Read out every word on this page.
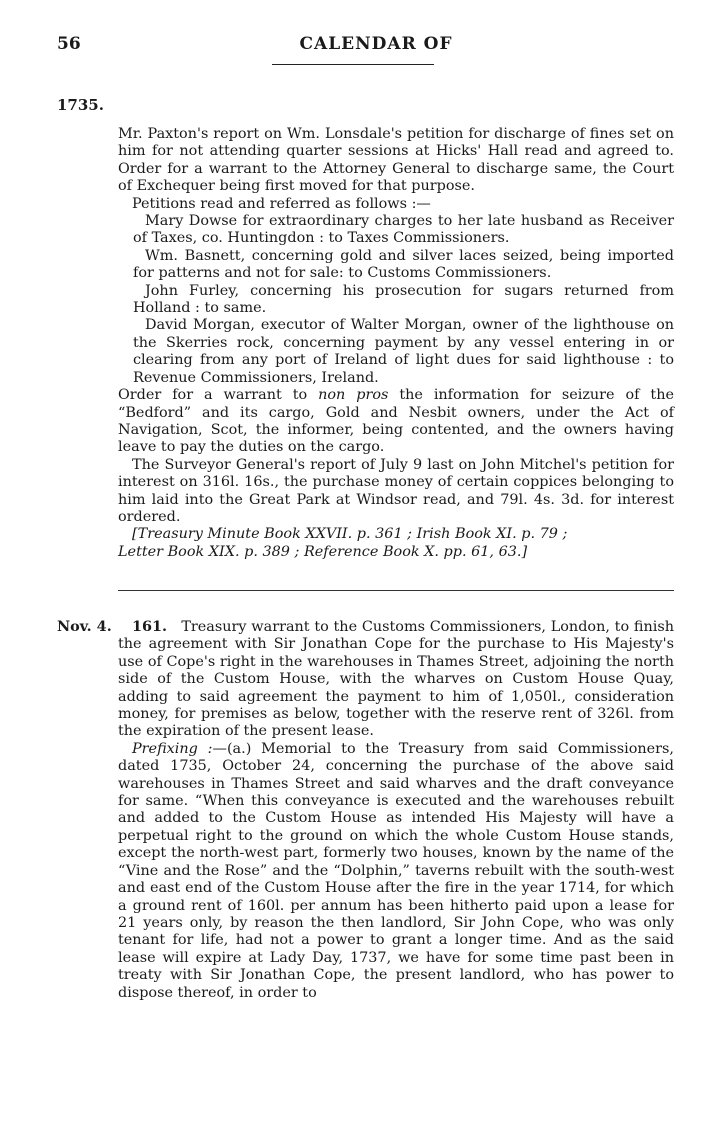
56	CALENDAR OF
1735.

Mr. Paxton's report on Wm. Lonsdale's petition for discharge of fines set on him for not attending quarter sessions at Hicks' Hall read and agreed to. Order for a warrant to the Attorney General to discharge same, the Court of Exchequer being first moved for that purpose.

Petitions read and referred as follows :—

Mary Dowse for extraordinary charges to her late husband as Receiver of Taxes, co. Huntingdon : to Taxes Commissioners.

Wm. Basnett, concerning gold and silver laces seized, being imported for patterns and not for sale: to Customs Commissioners.

John Furley, concerning his prosecution for sugars returned from Holland : to same.

David Morgan, executor of Walter Morgan, owner of the lighthouse on the Skerries rock, concerning payment by any vessel entering in or clearing from any port of Ireland of light dues for said lighthouse : to Revenue Commissioners, Ireland.

Order for a warrant to non pros the information for seizure of the “Bedford” and its cargo, Gold and Nesbit owners, under the Act of Navigation, Scot, the informer, being contented, and the owners having leave to pay the duties on the cargo.

The Surveyor General's report of July 9 last on John Mitchel's petition for interest on 316l. 16s., the purchase money of certain coppices belonging to him laid into the Great Park at Windsor read, and 79l. 4s. 3d. for interest ordered.

[Treasury Minute Book XXVII. p. 361 ; Irish Book XI. p. 79 ;

Letter Book XIX. p. 389 ; Reference Book X. pp. 61, 63.]

Nov. 4.	161. Treasury warrant to the Customs Commissioners, London, to finish the agreement with Sir Jonathan Cope for the purchase to His Majesty's use of Cope's right in the warehouses in Thames Street, adjoining the north side of the Custom House, with the wharves on Custom House Quay, adding to said agreement the payment to him of 1,050l., consideration money, for premises as below, together with the reserve rent of 326l. from the expiration of the present lease.

Prefixing :—(a.) Memorial to the Treasury from said Commissioners, dated 1735, October 24, concerning the purchase of the above said warehouses in Thames Street and said wharves and the draft conveyance for same. “When this conveyance is executed and the warehouses rebuilt and added to the Custom House as intended His Majesty will have a perpetual right to the ground on which the whole Custom House stands, except the north-west part, formerly two houses, known by the name of the “Vine and the Rose” and the “Dolphin,” taverns rebuilt with the south-west and east end of the Custom House after the fire in the year 1714, for which a ground rent of 160l. per annum has been hitherto paid upon a lease for 21 years only, by reason the then landlord, Sir John Cope, who was only tenant for life, had not a power to grant a longer time. And as the said lease will expire at Lady Day, 1737, we have for some time past been in treaty with Sir Jonathan Cope, the present landlord, who has power to dispose thereof, in order to
